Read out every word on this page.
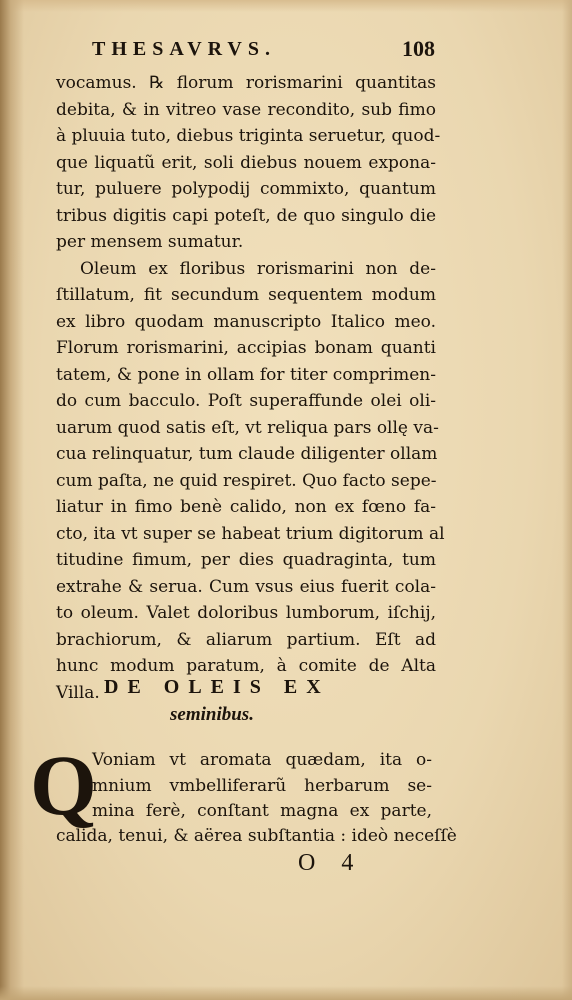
THESAVRVS.	108
vocamus. ℞ florum rorismarini quantitas
debita, & in vitreo vase recondito, sub fimo
à pluuia tuto, diebus triginta seruetur, quod-
que liquatũ erit, soli diebus nouem expona-
tur, puluere polypodij commixto, quantum
tribus digitis capi poteſt, de quo singulo die
per mensem sumatur.
Oleum ex floribus rorismarini non de-
ſtillatum, fit secundum sequentem modum
ex libro quodam manuscripto Italico meo.
Florum rorismarini, accipias bonam quanti
tatem, & pone in ollam for titer comprimen-
do cum bacculo. Poſt superaffunde olei oli-
uarum quod satis eſt, vt reliqua pars ollę va-
cua relinquatur, tum claude diligenter ollam
cum paſta, ne quid respiret. Quo facto sepe-
liatur in fimo benè calido, non ex fœno fa-
cto, ita vt super se habeat trium digitorum al
titudine fimum, per dies quadraginta, tum
extrahe & serua. Cum vsus eius fuerit cola-
to oleum. Valet doloribus lumborum, iſchij,
brachiorum, & aliarum partium. Eſt ad
hunc modum paratum, à comite de Alta
Villa. DE OLEIS EX
seminibus.
Q
Voniam vt aromata quædam, ita o-
mnium vmbelliferarũ herbarum se-
mina ferè, conſtant magna ex parte,
calida, tenui, & aërea subſtantia : ideò neceſſè
O 4
